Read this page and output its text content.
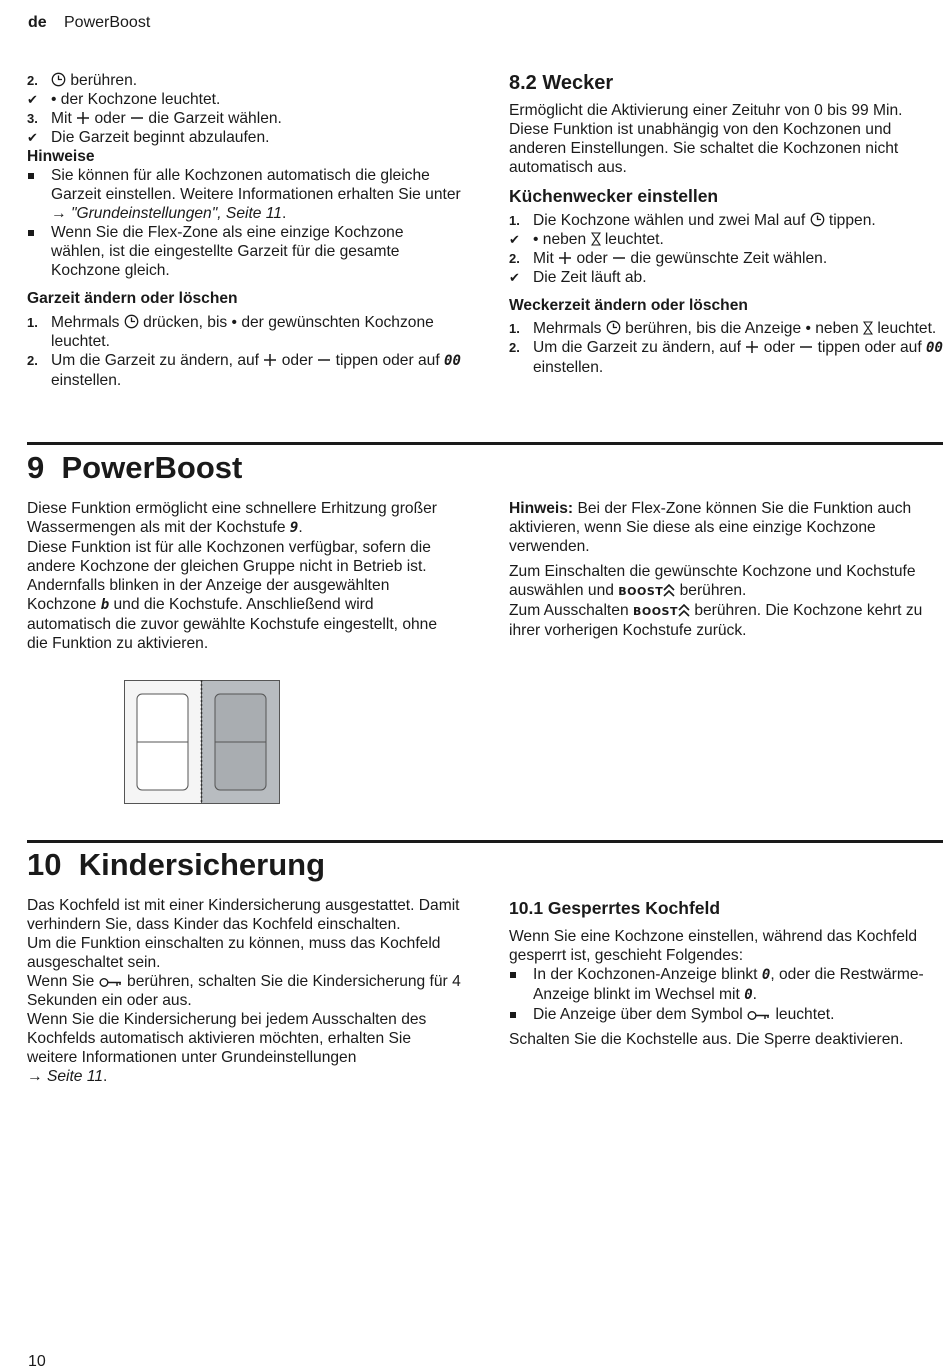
de PowerBoost
2. berühren.
✔ • der Kochzone leuchtet.
3. Mit oder die Garzeit wählen.
✔ Die Garzeit beginnt abzulaufen.

Hinweise

Sie können für alle Kochzonen automatisch die gleiche Garzeit einstellen. Weitere Informationen erhalten Sie unter
→ "Grundeinstellungen", Seite 11.
Wenn Sie die Flex-Zone als eine einzige Kochzone wählen, ist die eingestellte Garzeit für die gesamte Kochzone gleich.

Garzeit ändern oder löschen

1. Mehrmals drücken, bis • der gewünschten Kochzone leuchtet.
2. Um die Garzeit zu ändern, auf oder tippen oder auf 00 einstellen.

8.2 Wecker

Ermöglicht die Aktivierung einer Zeituhr von 0 bis 99 Min. Diese Funktion ist unabhängig von den Kochzonen und anderen Einstellungen. Sie schaltet die Kochzonen nicht automatisch aus.

Küchenwecker einstellen

1. Die Kochzone wählen und zwei Mal auf tippen.
✔ • neben leuchtet.
2. Mit oder die gewünschte Zeit wählen.
✔ Die Zeit läuft ab.

Weckerzeit ändern oder löschen

1. Mehrmals berühren, bis die Anzeige • neben leuchtet.
2. Um die Garzeit zu ändern, auf oder tippen oder auf 00 einstellen.
9 PowerBoost

Diese Funktion ermöglicht eine schnellere Erhitzung großer Wassermengen als mit der Kochstufe 9.

Diese Funktion ist für alle Kochzonen verfügbar, sofern die andere Kochzone der gleichen Gruppe nicht in Betrieb ist.

Andernfalls blinken in der Anzeige der ausgewählten Kochzone b und die Kochstufe. Anschließend wird automatisch die zuvor gewählte Kochstufe eingestellt, ohne die Funktion zu aktivieren.

Hinweis: Bei der Flex-Zone können Sie die Funktion auch aktivieren, wenn Sie diese als eine einzige Kochzone verwenden.

Zum Einschalten die gewünschte Kochzone und Kochstufe auswählen und BOOST berühren.

Zum Ausschalten BOOST berühren. Die Kochzone kehrt zu ihrer vorherigen Kochstufe zurück.

10 Kindersicherung

Das Kochfeld ist mit einer Kindersicherung ausgestattet. Damit verhindern Sie, dass Kinder das Kochfeld einschalten.

Um die Funktion einschalten zu können, muss das Kochfeld ausgeschaltet sein.

Wenn Sie berühren, schalten Sie die Kindersicherung für 4 Sekunden ein oder aus.

Wenn Sie die Kindersicherung bei jedem Ausschalten des Kochfelds automatisch aktivieren möchten, erhalten Sie weitere Informationen unter Grundeinstellungen
→ Seite 11.

10.1 Gesperrtes Kochfeld

Wenn Sie eine Kochzone einstellen, während das Kochfeld gesperrt ist, geschieht Folgendes:

In der Kochzonen-Anzeige blinkt 0, oder die Restwärme-Anzeige blinkt im Wechsel mit 0.
Die Anzeige über dem Symbol leuchtet.

Schalten Sie die Kochstelle aus. Die Sperre deaktivieren.

10
